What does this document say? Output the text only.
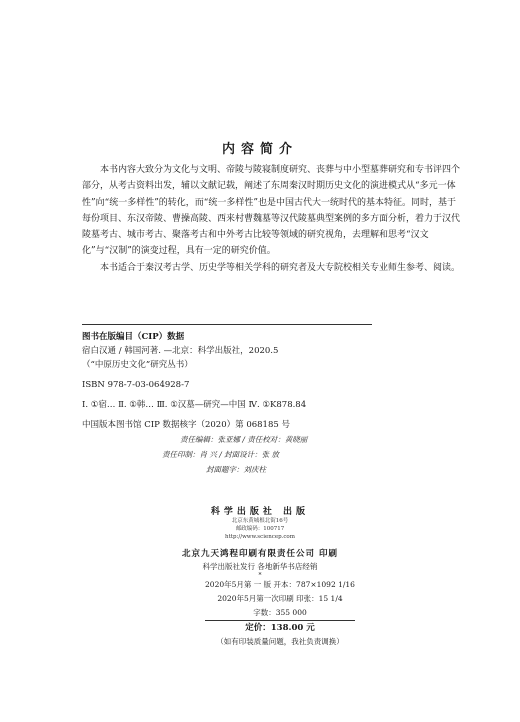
内容简介

本书内容大致分为文化与文明、帝陵与陵寝制度研究、丧葬与中小型墓葬研究和专书评四个部分，从考古资料出发，辅以文献记载，阐述了东周秦汉时期历史文化的演进模式从“多元一体性”向“统一多样性”的转化，而“统一多样性”也是中国古代大一统时代的基本特征。同时，基于每份项目、东汉帝陵、曹操高陵、西来村曹魏墓等汉代陵墓典型案例的多方面分析，着力于汉代陵墓考古、城市考古、聚落考古和中外考古比较等领域的研究视角，去理解和思考“汉文化”与“汉制”的演变过程，具有一定的研究价值。

本书适合于秦汉考古学、历史学等相关学科的研究者及大专院校相关专业师生参考、阅读。

图书在版编目（CIP）数据
宿白汉通 / 韩国河著. —北京：科学出版社，2020.5
（“中原历史文化”研究丛书）
ISBN 978-7-03-064928-7
Ⅰ. ①宿… Ⅱ. ①韩… Ⅲ. ①汉墓—研究—中国 Ⅳ. ①K878.84
中国版本图书馆 CIP 数据核字（2020）第 068185 号
责任编辑：张亚娜 / 责任校对：黄晓丽
责任印制：肖 兴 / 封面设计：张 放
封面题字：刘庆柱
科学出版社 出版
北京东黄城根北街16号
邮政编码：100717
http://www.sciencep.com
北京九天鸿程印刷有限责任公司 印刷
科学出版社发行 各地新华书店经销
*
2020年5月第 一 版 开本：787×1092 1/16
2020年5月第一次印刷 印张：15 1/4
字数：355 000
定价：138.00 元
（如有印装质量问题，我社负责调换）
